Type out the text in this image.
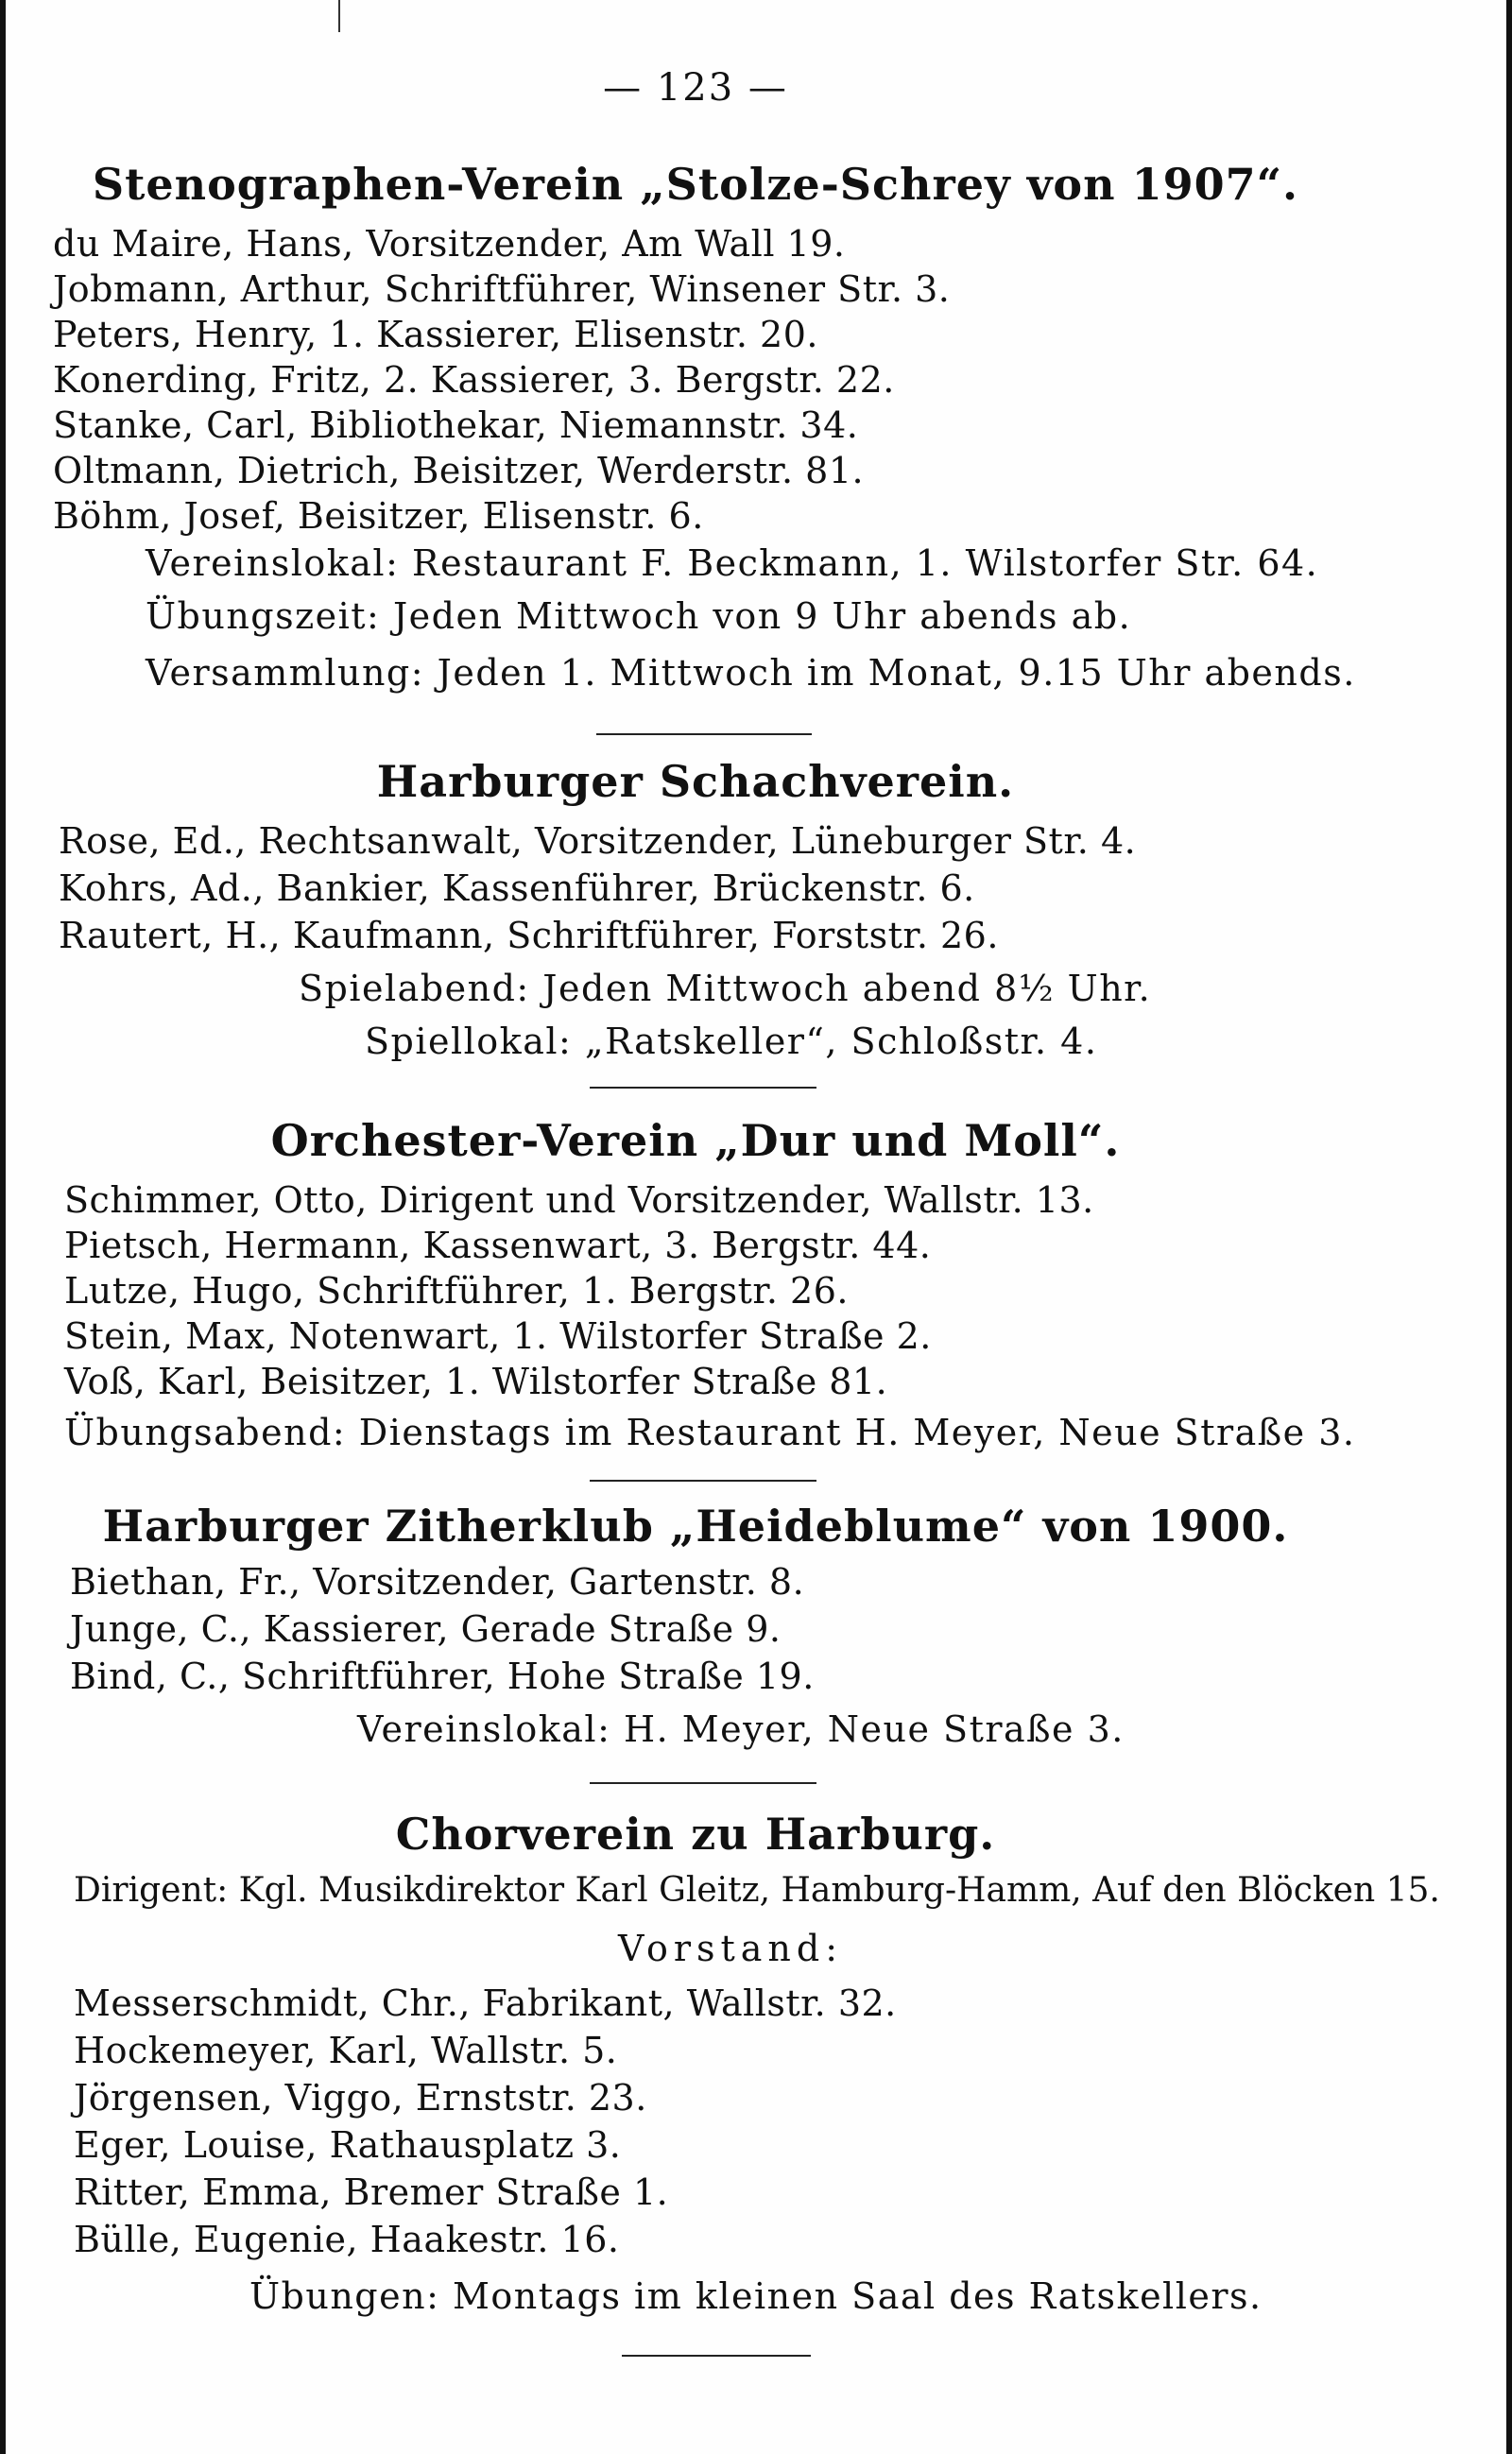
— 123 —
Stenographen-Verein „Stolze-Schrey von 1907“.
du Maire, Hans, Vorsitzender, Am Wall 19.
Jobmann, Arthur, Schriftführer, Winsener Str. 3.
Peters, Henry, 1. Kassierer, Elisenstr. 20.
Konerding, Fritz, 2. Kassierer, 3. Bergstr. 22.
Stanke, Carl, Bibliothekar, Niemannstr. 34.
Oltmann, Dietrich, Beisitzer, Werderstr. 81.
Böhm, Josef, Beisitzer, Elisenstr. 6.
Vereinslokal: Restaurant F. Beckmann, 1. Wilstorfer Str. 64.
Übungszeit: Jeden Mittwoch von 9 Uhr abends ab.
Versammlung: Jeden 1. Mittwoch im Monat, 9.15 Uhr abends.
Harburger Schachverein.
Rose, Ed., Rechtsanwalt, Vorsitzender, Lüneburger Str. 4.
Kohrs, Ad., Bankier, Kassenführer, Brückenstr. 6.
Rautert, H., Kaufmann, Schriftführer, Forststr. 26.
Spielabend: Jeden Mittwoch abend 8½ Uhr.
Spiellokal: „Ratskeller“, Schloßstr. 4.
Orchester-Verein „Dur und Moll“.
Schimmer, Otto, Dirigent und Vorsitzender, Wallstr. 13.
Pietsch, Hermann, Kassenwart, 3. Bergstr. 44.
Lutze, Hugo, Schriftführer, 1. Bergstr. 26.
Stein, Max, Notenwart, 1. Wilstorfer Straße 2.
Voß, Karl, Beisitzer, 1. Wilstorfer Straße 81.
Übungsabend: Dienstags im Restaurant H. Meyer, Neue Straße 3.
Harburger Zitherklub „Heideblume“ von 1900.
Biethan, Fr., Vorsitzender, Gartenstr. 8.
Junge, C., Kassierer, Gerade Straße 9.
Bind, C., Schriftführer, Hohe Straße 19.
Vereinslokal: H. Meyer, Neue Straße 3.
Chorverein zu Harburg.
Dirigent: Kgl. Musikdirektor Karl Gleitz, Hamburg-Hamm, Auf den Blöcken 15.
Vorstand:
Messerschmidt, Chr., Fabrikant, Wallstr. 32.
Hockemeyer, Karl, Wallstr. 5.
Jörgensen, Viggo, Ernststr. 23.
Eger, Louise, Rathausplatz 3.
Ritter, Emma, Bremer Straße 1.
Bülle, Eugenie, Haakestr. 16.
Übungen: Montags im kleinen Saal des Ratskellers.
